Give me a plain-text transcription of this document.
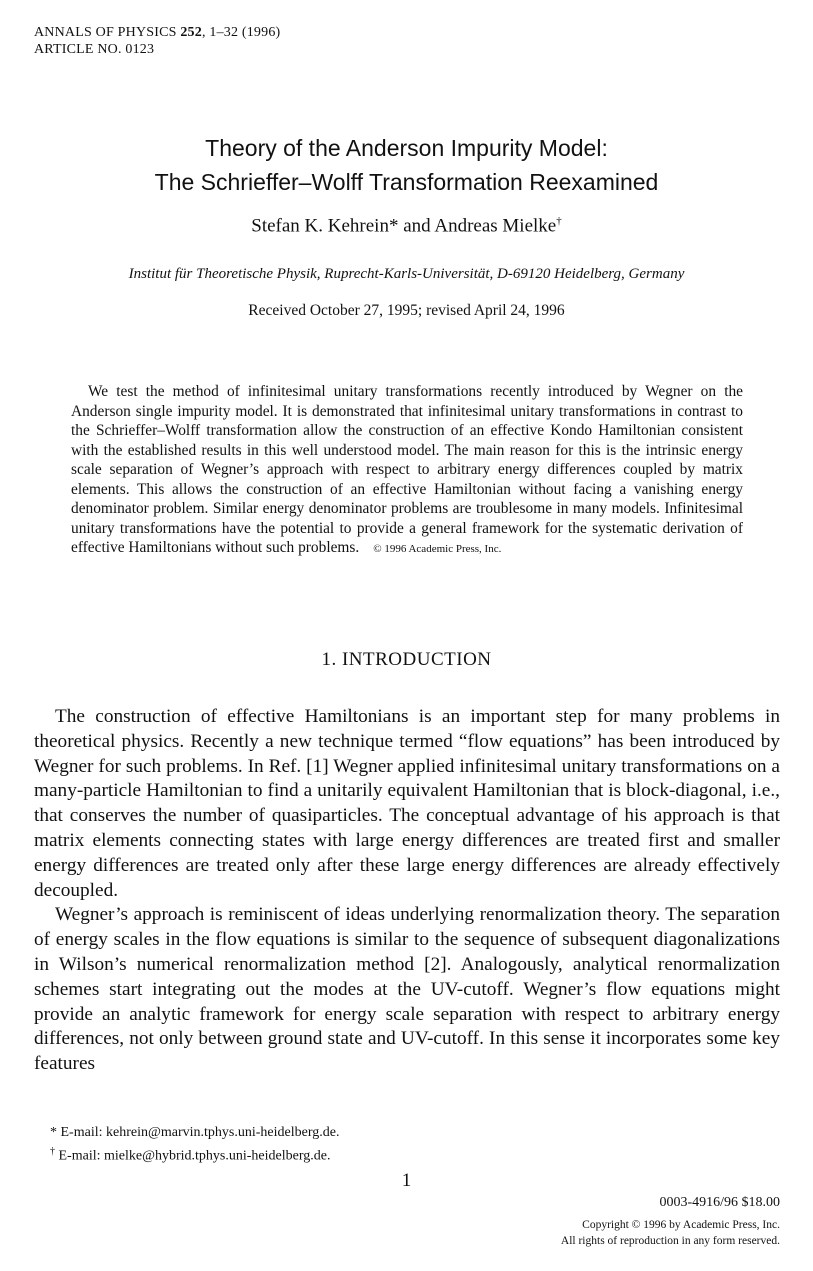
ANNALS OF PHYSICS 252, 1–32 (1996)
ARTICLE NO. 0123
Theory of the Anderson Impurity Model:
The Schrieffer–Wolff Transformation Reexamined
Stefan K. Kehrein* and Andreas Mielke†
Institut für Theoretische Physik, Ruprecht-Karls-Universität, D-69120 Heidelberg, Germany
Received October 27, 1995; revised April 24, 1996
We test the method of infinitesimal unitary transformations recently introduced by Wegner on the Anderson single impurity model. It is demonstrated that infinitesimal unitary transformations in contrast to the Schrieffer–Wolff transformation allow the construction of an effective Kondo Hamiltonian consistent with the established results in this well understood model. The main reason for this is the intrinsic energy scale separation of Wegner’s approach with respect to arbitrary energy differences coupled by matrix elements. This allows the construction of an effective Hamiltonian without facing a vanishing energy denominator problem. Similar energy denominator problems are troublesome in many models. Infinitesimal unitary transformations have the potential to provide a general framework for the systematic derivation of effective Hamiltonians without such problems. © 1996 Academic Press, Inc.
1. INTRODUCTION

The construction of effective Hamiltonians is an important step for many problems in theoretical physics. Recently a new technique termed “flow equations” has been introduced by Wegner for such problems. In Ref. [1] Wegner applied infinitesimal unitary transformations on a many-particle Hamiltonian to find a unitarily equivalent Hamiltonian that is block-diagonal, i.e., that conserves the number of quasiparticles. The conceptual advantage of his approach is that matrix elements connecting states with large energy differences are treated first and smaller energy differences are treated only after these large energy differences are already effectively decoupled.

Wegner’s approach is reminiscent of ideas underlying renormalization theory. The separation of energy scales in the flow equations is similar to the sequence of subsequent diagonalizations in Wilson’s numerical renormalization method [2]. Analogously, analytical renormalization schemes start integrating out the modes at the UV-cutoff. Wegner’s flow equations might provide an analytic framework for energy scale separation with respect to arbitrary energy differences, not only between ground state and UV-cutoff. In this sense it incorporates some key features

* E-mail: kehrein@marvin.tphys.uni-heidelberg.de.
† E-mail: mielke@hybrid.tphys.uni-heidelberg.de.
1
0003-4916/96 $18.00
Copyright © 1996 by Academic Press, Inc.
All rights of reproduction in any form reserved.
